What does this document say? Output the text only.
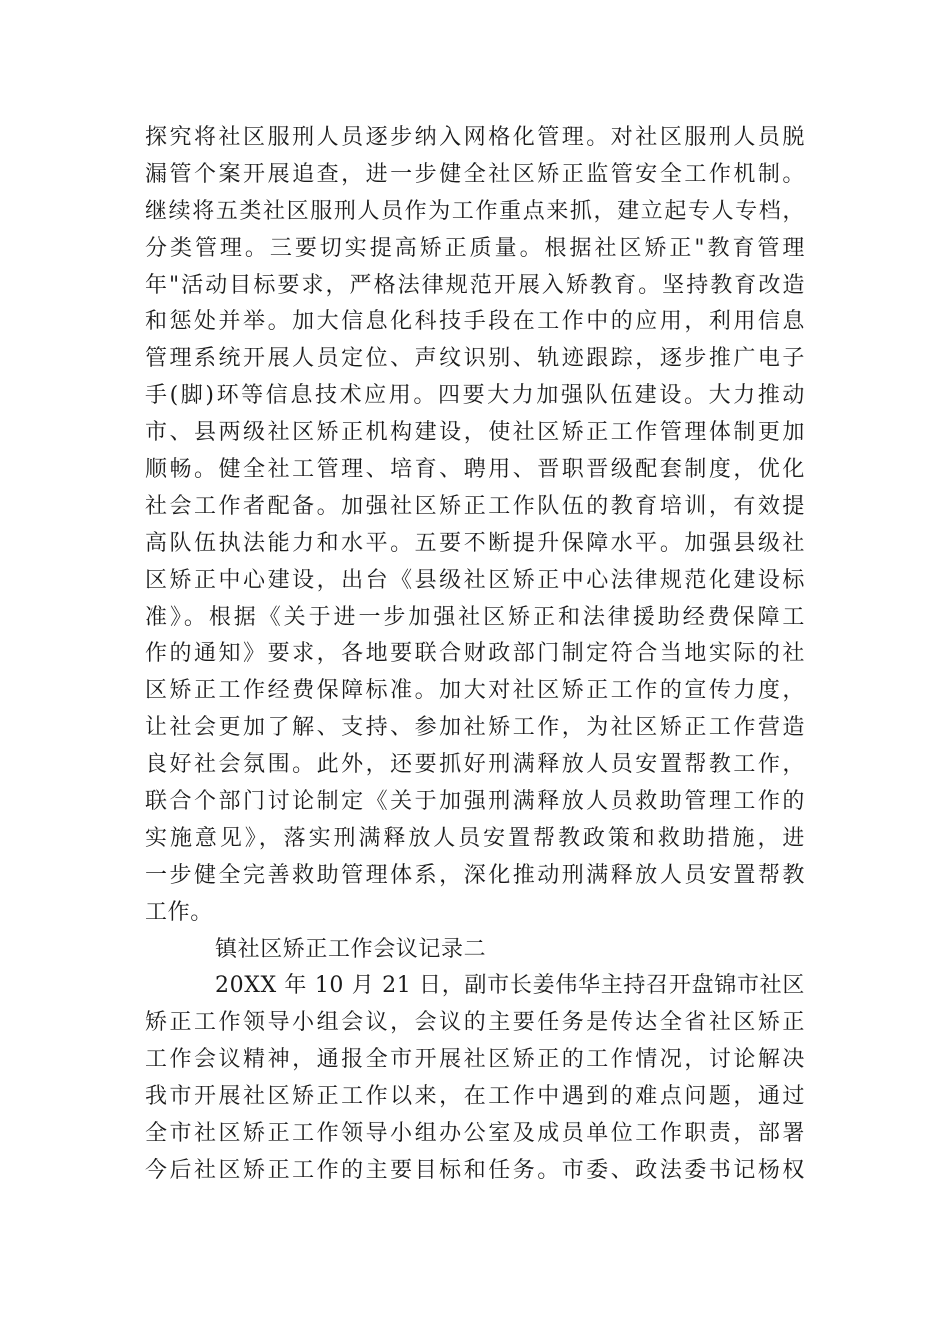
探究将社区服刑人员逐步纳入网格化管理。对社区服刑人员脱
漏管个案开展追查，进一步健全社区矫正监管安全工作机制。
继续将五类社区服刑人员作为工作重点来抓，建立起专人专档，
分类管理。三要切实提高矫正质量。根据社区矫正"教育管理
年"活动目标要求，严格法律规范开展入矫教育。坚持教育改造
和惩处并举。加大信息化科技手段在工作中的应用，利用信息
管理系统开展人员定位、声纹识别、轨迹跟踪，逐步推广电子
手(脚)环等信息技术应用。四要大力加强队伍建设。大力推动
市、县两级社区矫正机构建设，使社区矫正工作管理体制更加
顺畅。健全社工管理、培育、聘用、晋职晋级配套制度，优化
社会工作者配备。加强社区矫正工作队伍的教育培训，有效提
高队伍执法能力和水平。五要不断提升保障水平。加强县级社
区矫正中心建设，出台《县级社区矫正中心法律规范化建设标
准》。根据《关于进一步加强社区矫正和法律援助经费保障工
作的通知》要求，各地要联合财政部门制定符合当地实际的社
区矫正工作经费保障标准。加大对社区矫正工作的宣传力度，
让社会更加了解、支持、参加社矫工作，为社区矫正工作营造
良好社会氛围。此外，还要抓好刑满释放人员安置帮教工作，
联合个部门讨论制定《关于加强刑满释放人员救助管理工作的
实施意见》，落实刑满释放人员安置帮教政策和救助措施，进
一步健全完善救助管理体系，深化推动刑满释放人员安置帮教
工作。
镇社区矫正工作会议记录二
20XX 年 10 月 21 日，副市长姜伟华主持召开盘锦市社区
矫正工作领导小组会议，会议的主要任务是传达全省社区矫正
工作会议精神，通报全市开展社区矫正的工作情况，讨论解决
我市开展社区矫正工作以来，在工作中遇到的难点问题，通过
全市社区矫正工作领导小组办公室及成员单位工作职责，部署
今后社区矫正工作的主要目标和任务。市委、政法委书记杨权
